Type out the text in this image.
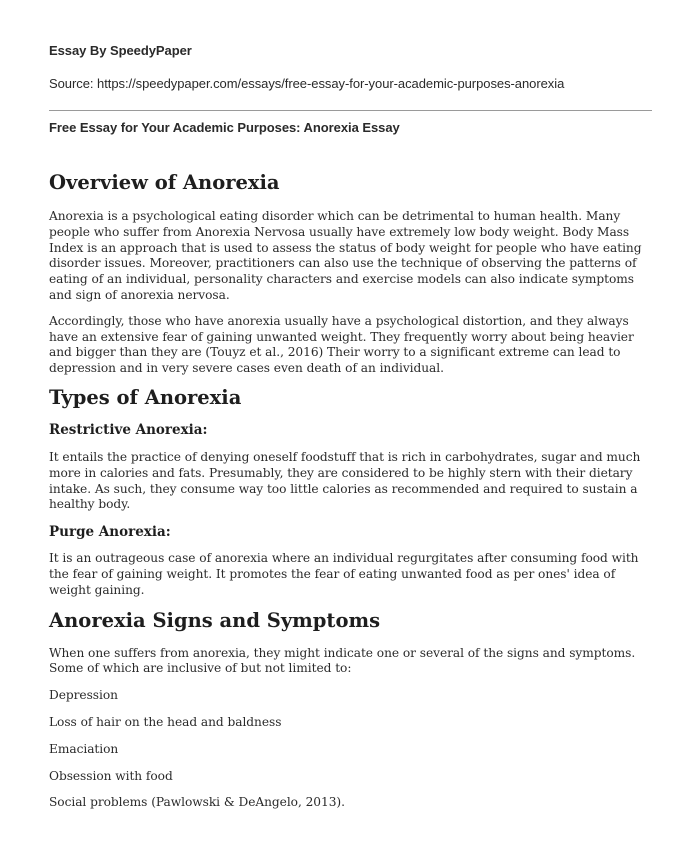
Essay By SpeedyPaper

Source: https://speedypaper.com/essays/free-essay-for-your-academic-purposes-anorexia

Free Essay for Your Academic Purposes: Anorexia Essay

Overview of Anorexia

Anorexia is a psychological eating disorder which can be detrimental to human health. Many people who suffer from Anorexia Nervosa usually have extremely low body weight. Body Mass Index is an approach that is used to assess the status of body weight for people who have eating disorder issues. Moreover, practitioners can also use the technique of observing the patterns of eating of an individual, personality characters and exercise models can also indicate symptoms and sign of anorexia nervosa.

Accordingly, those who have anorexia usually have a psychological distortion, and they always have an extensive fear of gaining unwanted weight. They frequently worry about being heavier and bigger than they are (Touyz et al., 2016) Their worry to a significant extreme can lead to depression and in very severe cases even death of an individual.

Types of Anorexia
Restrictive Anorexia:

It entails the practice of denying oneself foodstuff that is rich in carbohydrates, sugar and much more in calories and fats. Presumably, they are considered to be highly stern with their dietary intake. As such, they consume way too little calories as recommended and required to sustain a healthy body.

Purge Anorexia:

It is an outrageous case of anorexia where an individual regurgitates after consuming food with the fear of gaining weight. It promotes the fear of eating unwanted food as per ones' idea of weight gaining.

Anorexia Signs and Symptoms

When one suffers from anorexia, they might indicate one or several of the signs and symptoms. Some of which are inclusive of but not limited to:

Depression

Loss of hair on the head and baldness

Emaciation

Obsession with food

Social problems (Pawlowski & DeAngelo, 2013).
